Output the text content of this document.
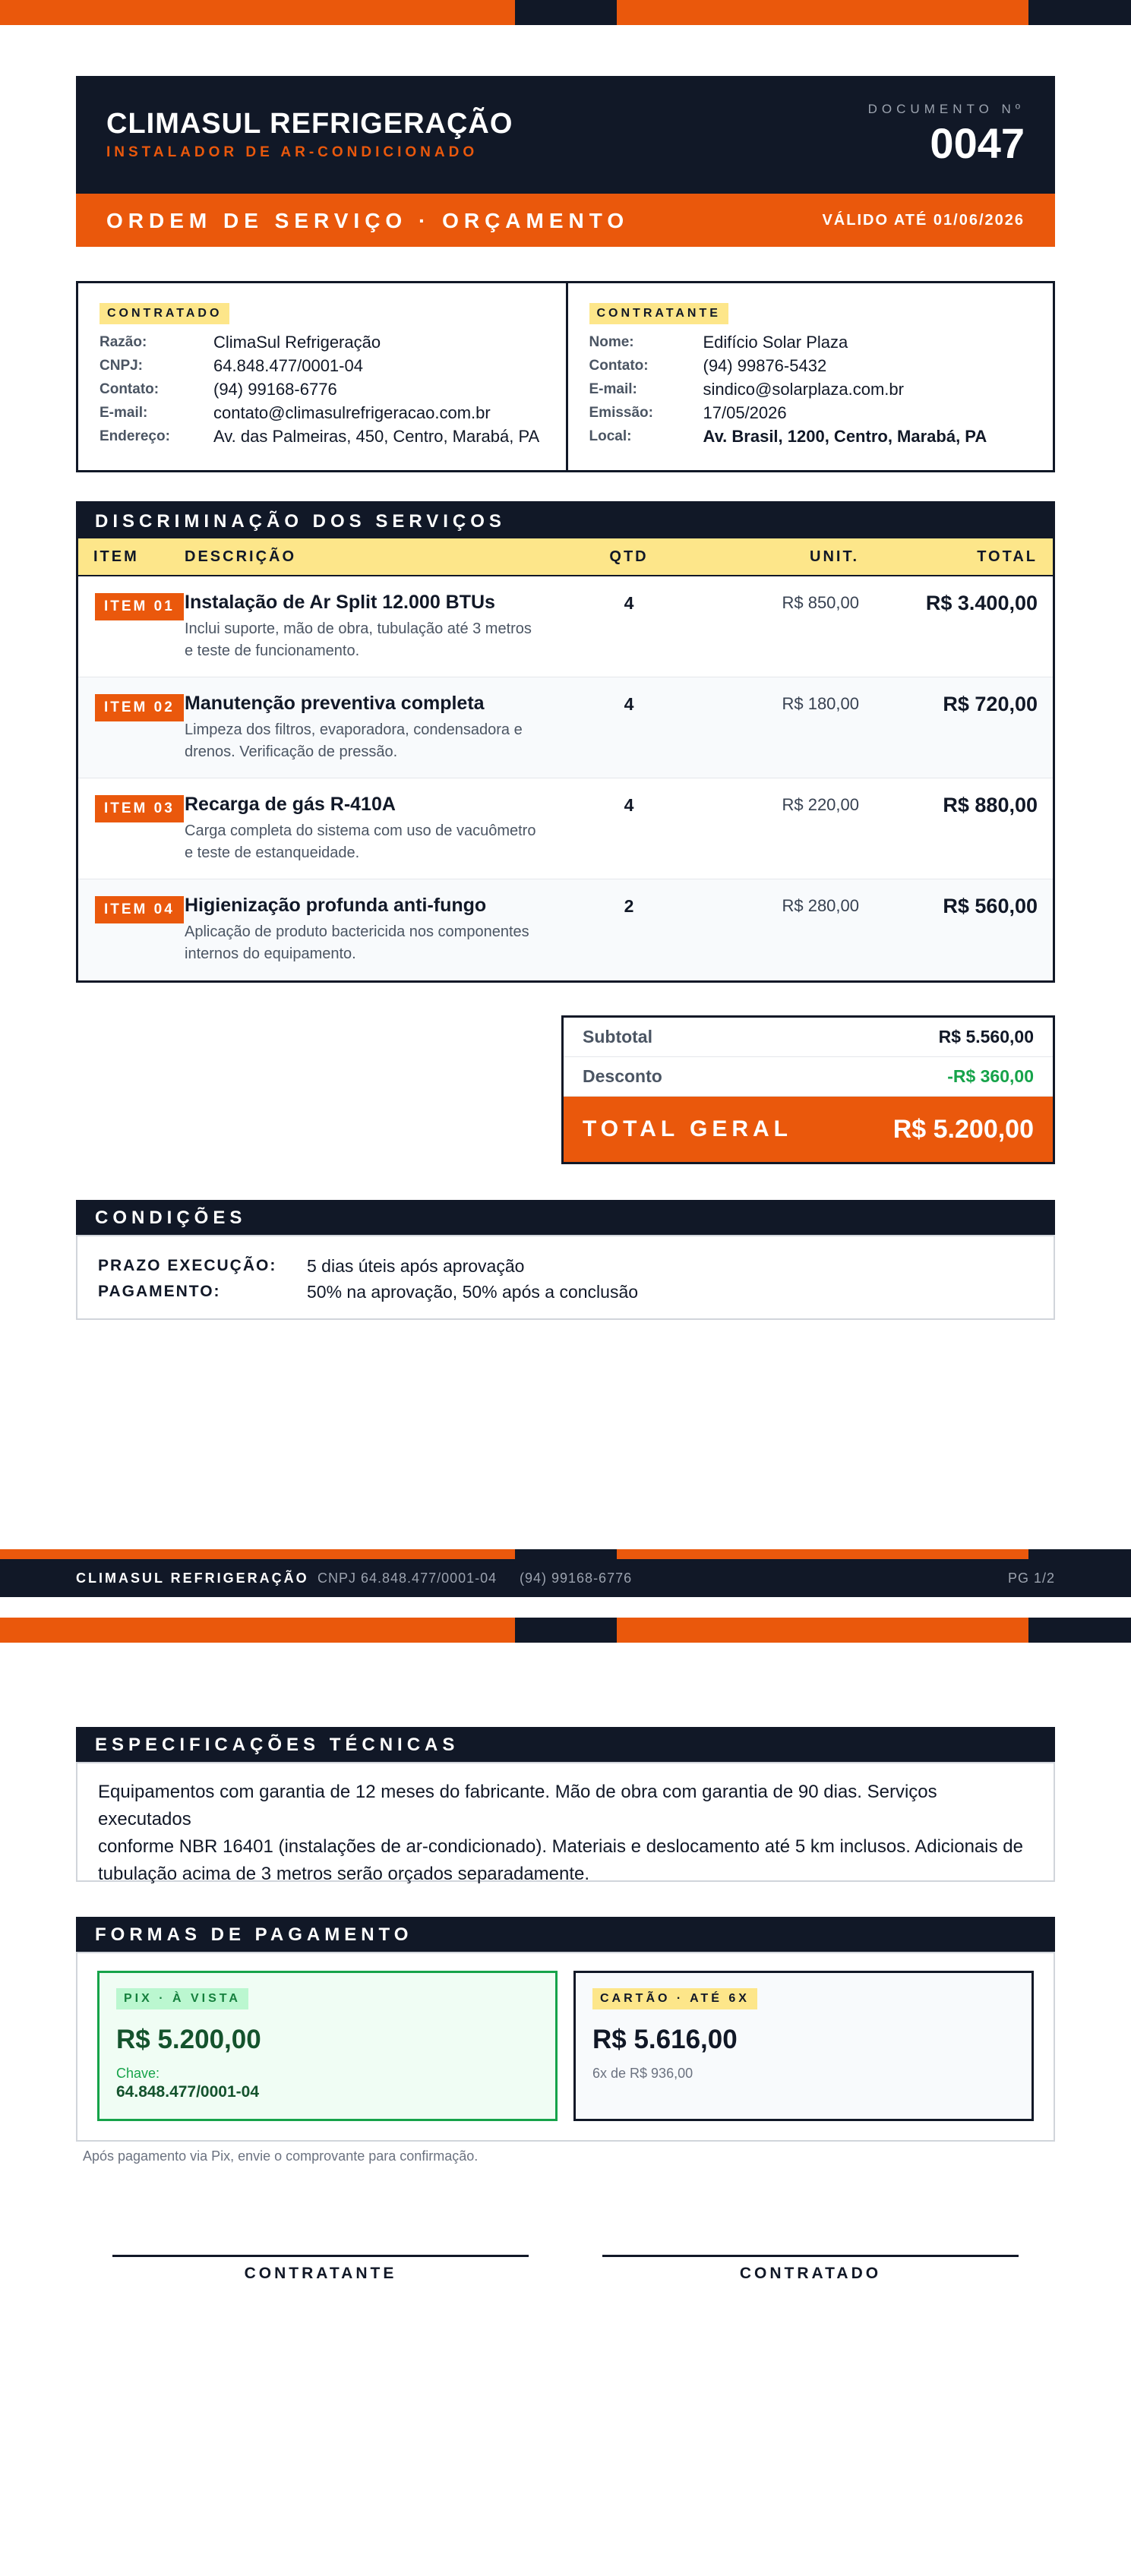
CLIMASUL REFRIGERAÇÃO
INSTALADOR DE AR-CONDICIONADO
DOCUMENTO Nº
0047
ORDEM DE SERVIÇO · ORÇAMENTO	VÁLIDO ATÉ 01/06/2026
CONTRATADO
Razão:	ClimaSul Refrigeração
CNPJ:	64.848.477/0001-04
Contato:	(94) 99168-6776
E-mail:	contato@climasulrefrigeracao.com.br
Endereço:	Av. das Palmeiras, 450, Centro, Marabá, PA
CONTRATANTE
Nome:	Edifício Solar Plaza
Contato:	(94) 99876-5432
E-mail:	sindico@solarplaza.com.br
Emissão:	17/05/2026
Local:	Av. Brasil, 1200, Centro, Marabá, PA
DISCRIMINAÇÃO DOS SERVIÇOS
ITEM	DESCRIÇÃO	QTD	UNIT.	TOTAL
ITEM 01 Instalação de Ar Split 12.000 BTUs
Inclui suporte, mão de obra, tubulação até 3 metros
e teste de funcionamento.
4	R$ 850,00	R$ 3.400,00
ITEM 02 Manutenção preventiva completa
Limpeza dos filtros, evaporadora, condensadora e
drenos. Verificação de pressão.
4	R$ 180,00	R$ 720,00
ITEM 03 Recarga de gás R-410A
Carga completa do sistema com uso de vacuômetro
e teste de estanqueidade.
4	R$ 220,00	R$ 880,00
ITEM 04 Higienização profunda anti-fungo
Aplicação de produto bactericida nos componentes
internos do equipamento.
2	R$ 280,00	R$ 560,00
Subtotal	R$ 5.560,00
Desconto	-R$ 360,00
TOTAL GERAL	R$ 5.200,00
CONDIÇÕES
PRAZO EXECUÇÃO:	5 dias úteis após aprovação
PAGAMENTO:	50% na aprovação, 50% após a conclusão
CLIMASUL REFRIGERAÇÃO CNPJ 64.848.477/0001-04 (94) 99168-6776	PG 1/2
ESPECIFICAÇÕES TÉCNICAS
Equipamentos com garantia de 12 meses do fabricante. Mão de obra com garantia de 90 dias. Serviços executados
conforme NBR 16401 (instalações de ar-condicionado). Materiais e deslocamento até 5 km inclusos. Adicionais de
tubulação acima de 3 metros serão orçados separadamente.
FORMAS DE PAGAMENTO
PIX · À VISTA
R$ 5.200,00
Chave:
64.848.477/0001-04
CARTÃO · ATÉ 6X
R$ 5.616,00
6x de R$ 936,00
Após pagamento via Pix, envie o comprovante para confirmação.
CONTRATANTE	CONTRATADO
